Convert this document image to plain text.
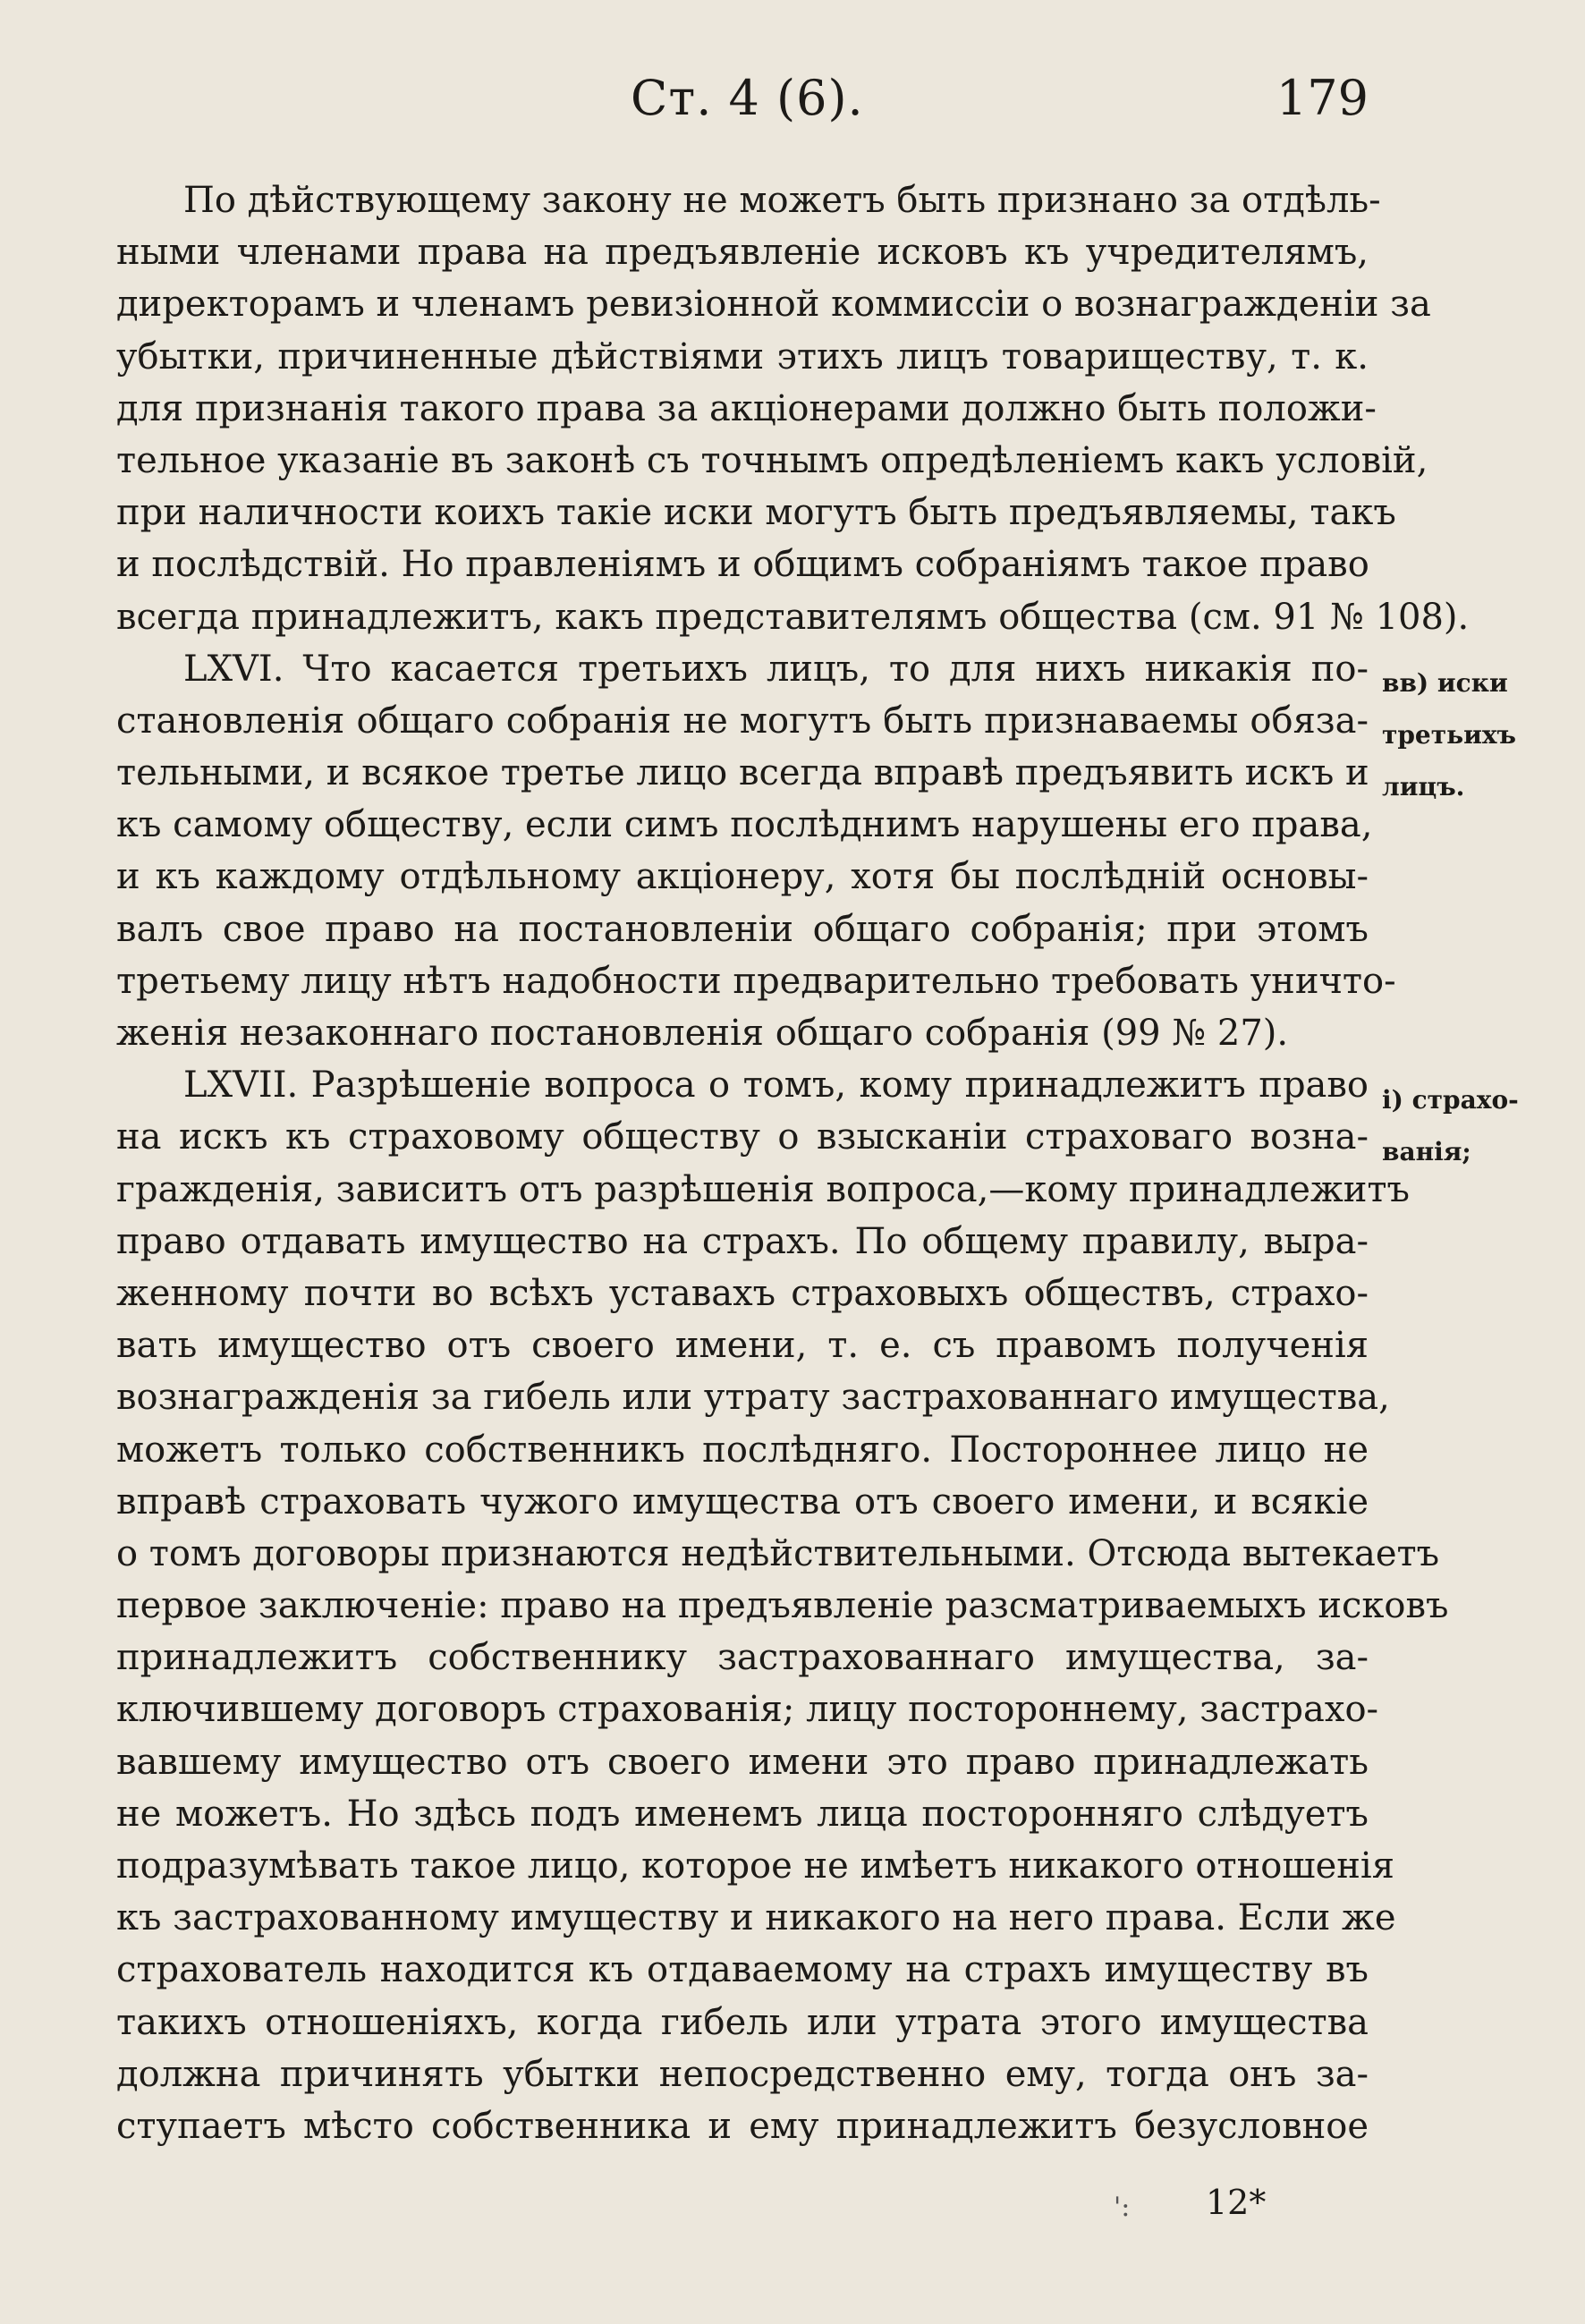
Ст. 4 (6).	179
По дѣйствующему закону не можетъ быть признано за отдѣль-
ными членами права на предъявленіе исковъ къ учредителямъ,
директорамъ и членамъ ревизіонной коммиссіи о вознагражденіи за
убытки, причиненные дѣйствіями этихъ лицъ товариществу, т. к.
для признанія такого права за акціонерами должно быть положи-
тельное указаніе въ законѣ съ точнымъ опредѣленіемъ какъ условій,
при наличности коихъ такіе иски могутъ быть предъявляемы, такъ
и послѣдствій. Но правленіямъ и общимъ собраніямъ такое право
всегда принадлежитъ, какъ представителямъ общества (см. 91 № 108).
LXVI. Что касается третьихъ лицъ, то для нихъ никакія по-
становленія общаго собранія не могутъ быть признаваемы обяза-
тельными, и всякое третье лицо всегда вправѣ предъявить искъ и
къ самому обществу, если симъ послѣднимъ нарушены его права,
и къ каждому отдѣльному акціонеру, хотя бы послѣдній основы-
валъ свое право на постановленіи общаго собранія; при этомъ
третьему лицу нѣтъ надобности предварительно требовать уничто-
женія незаконнаго постановленія общаго собранія (99 № 27).
LXVII. Разрѣшеніе вопроса о томъ, кому принадлежитъ право
на искъ къ страховому обществу о взысканіи страховаго возна-
гражденія, зависитъ отъ разрѣшенія вопроса,—кому принадлежитъ
право отдавать имущество на страхъ. По общему правилу, выра-
женному почти во всѣхъ уставахъ страховыхъ обществъ, страхо-
вать имущество отъ своего имени, т. е. съ правомъ полученія
вознагражденія за гибель или утрату застрахованнаго имущества,
можетъ только собственникъ послѣдняго. Постороннее лицо не
вправѣ страховать чужого имущества отъ своего имени, и всякіе
о томъ договоры признаются недѣйствительными. Отсюда вытекаетъ
первое заключеніе: право на предъявленіе разсматриваемыхъ исковъ
принадлежитъ собственнику застрахованнаго имущества, за-
ключившему договоръ страхованія; лицу постороннему, застрахо-
вавшему имущество отъ своего имени это право принадлежать
не можетъ. Но здѣсь подъ именемъ лица посторонняго слѣдуетъ
подразумѣвать такое лицо, которое не имѣетъ никакого отношенія
къ застрахованному имуществу и никакого на него права. Если же
страхователь находится къ отдаваемому на страхъ имуществу въ
такихъ отношеніяхъ, когда гибель или утрата этого имущества
должна причинять убытки непосредственно ему, тогда онъ за-
ступаетъ мѣсто собственника и ему принадлежитъ безусловное
вв) иски
третьихъ
лицъ.
і) страхо-
ванія;
ꞌ: 12*
